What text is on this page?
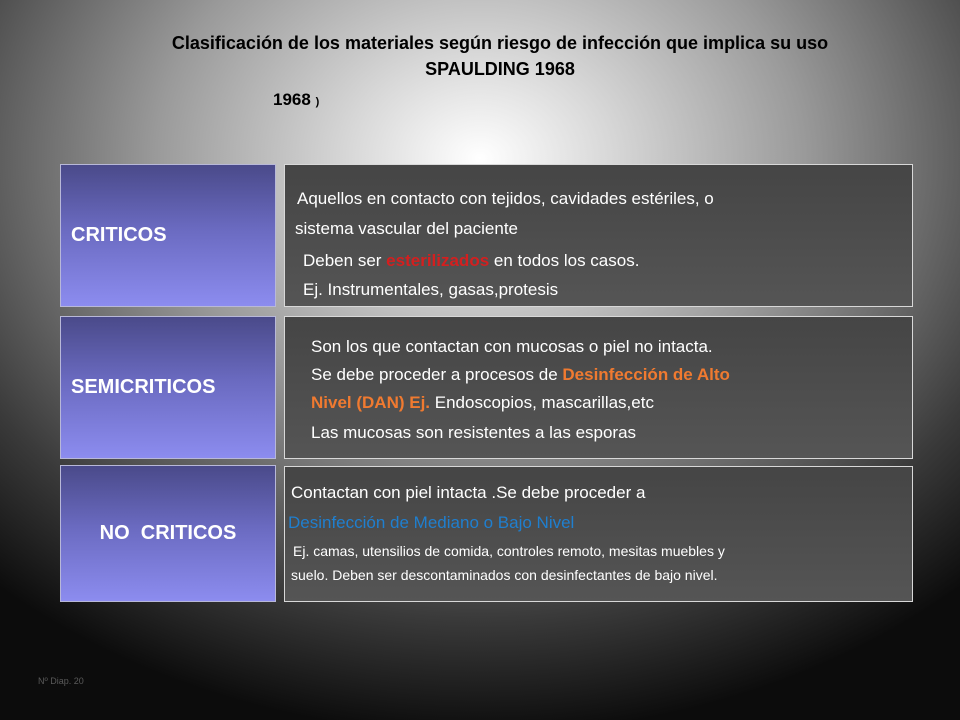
Clasificación de los materiales según riesgo de infección que implica su uso
SPAULDING 1968
1968 )
CRITICOS
Aquellos en contacto con tejidos, cavidades estériles, o
sistema vascular del paciente
Deben ser esterilizados en todos los casos.
Ej. Instrumentales, gasas,protesis
SEMICRITICOS
Son los que contactan con mucosas o piel no intacta.
Se debe proceder a procesos de Desinfección de Alto
Nivel (DAN) Ej. Endoscopios, mascarillas,etc
Las mucosas son resistentes a las esporas
NO  CRITICOS
Contactan con piel intacta .Se debe proceder a
Desinfección de Mediano o Bajo Nivel
Ej. camas, utensilios de comida, controles remoto, mesitas muebles y
suelo. Deben ser descontaminados con desinfectantes de bajo nivel.
Nº Diap. 20
